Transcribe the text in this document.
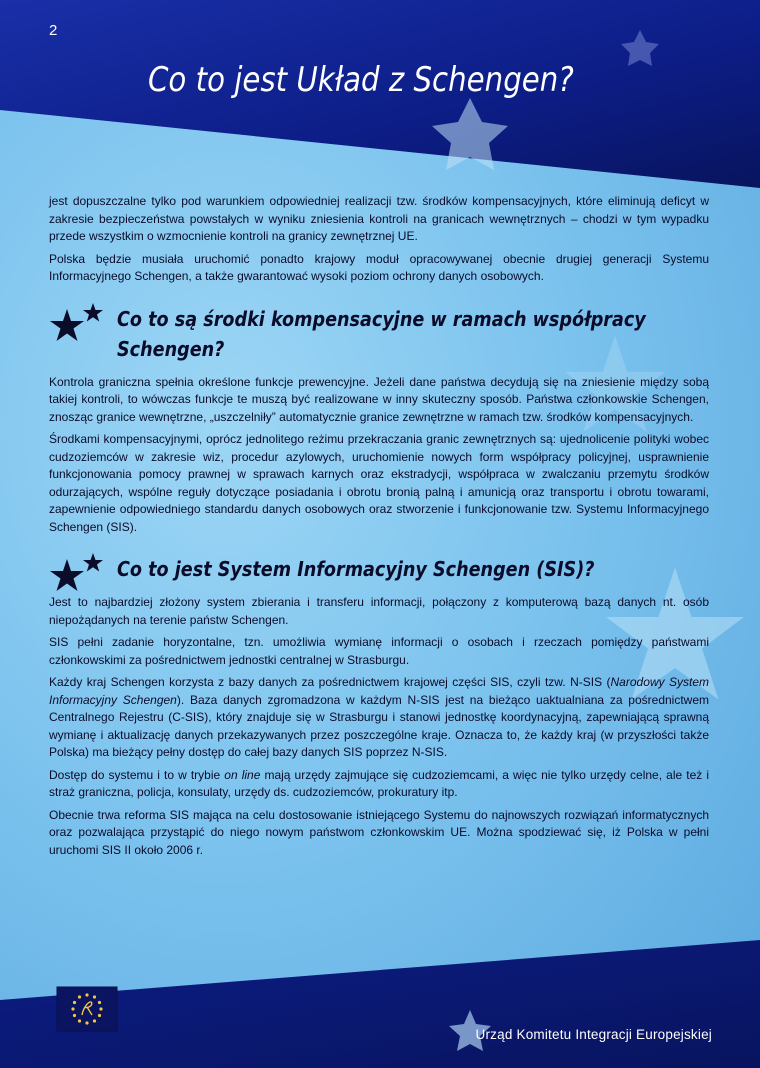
2
Co to jest Układ z Schengen?

jest dopuszczalne tylko pod warunkiem odpowiedniej realizacji tzw. środków kompensacyjnych, które eliminują deficyt w zakresie bezpieczeństwa powstałych w wyniku zniesienia kontroli na granicach wewnętrznych – chodzi w tym wypadku przede wszystkim o wzmocnienie kontroli na granicy zewnętrznej UE.

Polska będzie musiała uruchomić ponadto krajowy moduł opracowywanej obecnie drugiej generacji Systemu Informacyjnego Schengen, a także gwarantować wysoki poziom ochrony danych osobowych.

Co to są środki kompensacyjne w ramach współpracy Schengen?

Kontrola graniczna spełnia określone funkcje prewencyjne. Jeżeli dane państwa decydują się na zniesienie między sobą takiej kontroli, to wówczas funkcje te muszą być realizowane w inny skuteczny sposób. Państwa członkowskie Schengen, znosząc granice wewnętrzne, „uszczelniły” automatycznie granice zewnętrzne w ramach tzw. środków kompensacyjnych.

Środkami kompensacyjnymi, oprócz jednolitego reżimu przekraczania granic zewnętrznych są: ujednolicenie polityki wobec cudzoziemców w zakresie wiz, procedur azylowych, uruchomienie nowych form współpracy policyjnej, usprawnienie funkcjonowania pomocy prawnej w sprawach karnych oraz ekstradycji, współpraca w zwalczaniu przemytu środków odurzających, wspólne reguły dotyczące posiadania i obrotu bronią palną i amunicją oraz transportu i obrotu towarami, zapewnienie odpowiedniego standardu danych osobowych oraz stworzenie i funkcjonowanie tzw. Systemu Informacyjnego Schengen (SIS).

Co to jest System Informacyjny Schengen (SIS)?

Jest to najbardziej złożony system zbierania i transferu informacji, połączony z komputerową bazą danych nt. osób niepożądanych na terenie państw Schengen.

SIS pełni zadanie horyzontalne, tzn. umożliwia wymianę informacji o osobach i rzeczach pomiędzy państwami członkowskimi za pośrednictwem jednostki centralnej w Strasburgu.

Każdy kraj Schengen korzysta z bazy danych za pośrednictwem krajowej części SIS, czyli tzw. N-SIS (Narodowy System Informacyjny Schengen). Baza danych zgromadzona w każdym N-SIS jest na bieżąco uaktualniana za pośrednictwem Centralnego Rejestru (C-SIS), który znajduje się w Strasburgu i stanowi jednostkę koordynacyjną, zapewniającą sprawną wymianę i aktualizację danych przekazywanych przez poszczególne kraje. Oznacza to, że każdy kraj (w przyszłości także Polska) ma bieżący pełny dostęp do całej bazy danych SIS poprzez N-SIS.

Dostęp do systemu i to w trybie on line mają urzędy zajmujące się cudzoziemcami, a więc nie tylko urzędy celne, ale też i straż graniczna, policja, konsulaty, urzędy ds. cudzoziemców, prokuratury itp.

Obecnie trwa reforma SIS mająca na celu dostosowanie istniejącego Systemu do najnowszych rozwiązań informatycznych oraz pozwalająca przystąpić do niego nowym państwom członkowskim UE. Można spodziewać się, iż Polska w pełni uruchomi SIS II około 2006 r.

Urząd Komitetu Integracji Europejskiej
